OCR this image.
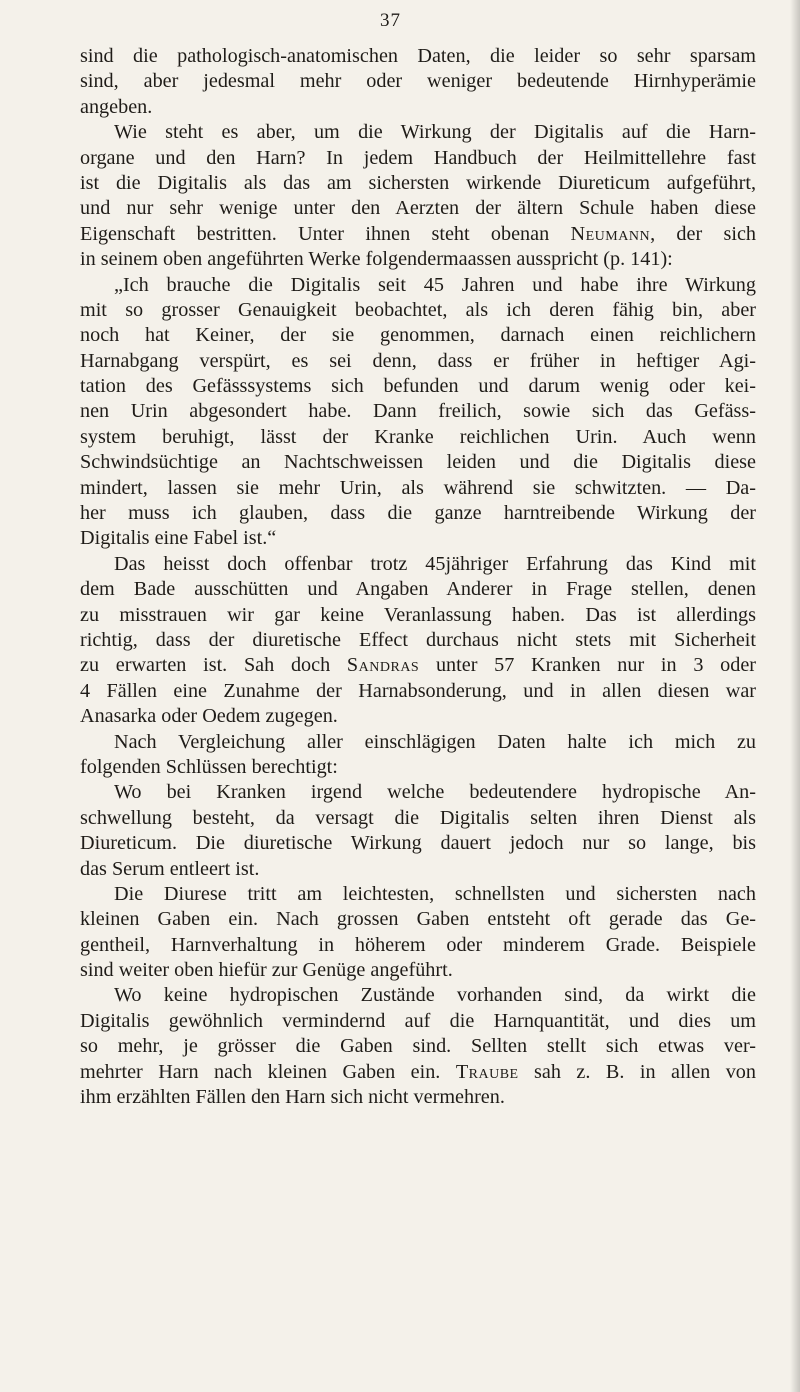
37
sind die pathologisch-anatomischen Daten, die leider so sehr sparsam
sind, aber jedesmal mehr oder weniger bedeutende Hirnhyperämie
angeben.
Wie steht es aber, um die Wirkung der Digitalis auf die Harn-
organe und den Harn? In jedem Handbuch der Heilmittellehre fast
ist die Digitalis als das am sichersten wirkende Diureticum aufgeführt,
und nur sehr wenige unter den Aerzten der ältern Schule haben diese
Eigenschaft bestritten. Unter ihnen steht obenan Neumann, der sich
in seinem oben angeführten Werke folgendermaassen ausspricht (p. 141):
„Ich brauche die Digitalis seit 45 Jahren und habe ihre Wirkung
mit so grosser Genauigkeit beobachtet, als ich deren fähig bin, aber
noch hat Keiner, der sie genommen, darnach einen reichlichern
Harnabgang verspürt, es sei denn, dass er früher in heftiger Agi-
tation des Gefässsystems sich befunden und darum wenig oder kei-
nen Urin abgesondert habe. Dann freilich, sowie sich das Gefäss-
system beruhigt, lässt der Kranke reichlichen Urin. Auch wenn
Schwindsüchtige an Nachtschweissen leiden und die Digitalis diese
mindert, lassen sie mehr Urin, als während sie schwitzten. — Da-
her muss ich glauben, dass die ganze harntreibende Wirkung der
Digitalis eine Fabel ist.“
Das heisst doch offenbar trotz 45jähriger Erfahrung das Kind mit
dem Bade ausschütten und Angaben Anderer in Frage stellen, denen
zu misstrauen wir gar keine Veranlassung haben. Das ist allerdings
richtig, dass der diuretische Effect durchaus nicht stets mit Sicherheit
zu erwarten ist. Sah doch Sandras unter 57 Kranken nur in 3 oder
4 Fällen eine Zunahme der Harnabsonderung, und in allen diesen war
Anasarka oder Oedem zugegen.
Nach Vergleichung aller einschlägigen Daten halte ich mich zu
folgenden Schlüssen berechtigt:
Wo bei Kranken irgend welche bedeutendere hydropische An-
schwellung besteht, da versagt die Digitalis selten ihren Dienst als
Diureticum. Die diuretische Wirkung dauert jedoch nur so lange, bis
das Serum entleert ist.
Die Diurese tritt am leichtesten, schnellsten und sichersten nach
kleinen Gaben ein. Nach grossen Gaben entsteht oft gerade das Ge-
gentheil, Harnverhaltung in höherem oder minderem Grade. Beispiele
sind weiter oben hiefür zur Genüge angeführt.
Wo keine hydropischen Zustände vorhanden sind, da wirkt die
Digitalis gewöhnlich vermindernd auf die Harnquantität, und dies um
so mehr, je grösser die Gaben sind. Sellten stellt sich etwas ver-
mehrter Harn nach kleinen Gaben ein. Traube sah z. B. in allen von
ihm erzählten Fällen den Harn sich nicht vermehren.
